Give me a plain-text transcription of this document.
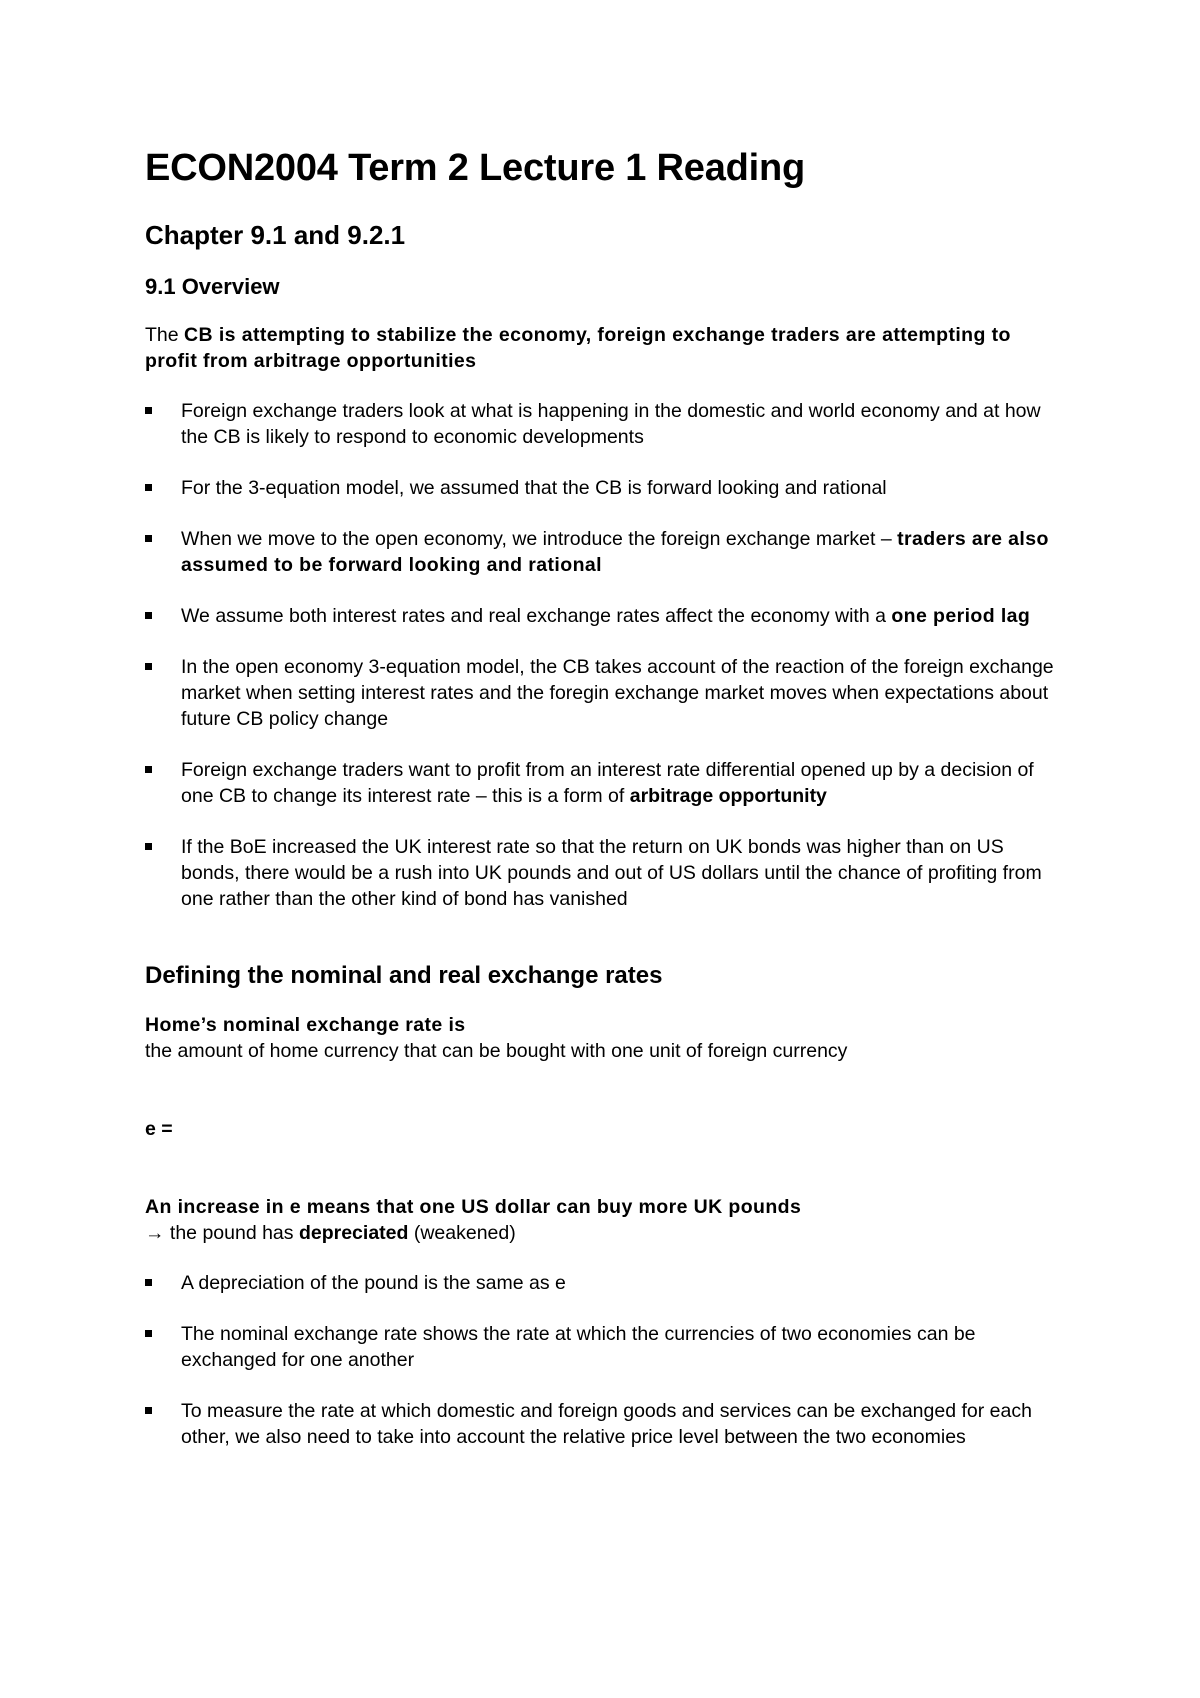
ECON2004 Term 2 Lecture 1 Reading
Chapter 9.1 and 9.2.1
9.1 Overview

The CB is attempting to stabilize the economy, foreign exchange traders are attempting to profit from arbitrage opportunities

Foreign exchange traders look at what is happening in the domestic and world economy and at how the CB is likely to respond to economic developments
For the 3-equation model, we assumed that the CB is forward looking and rational
When we move to the open economy, we introduce the foreign exchange market – traders are also assumed to be forward looking and rational
We assume both interest rates and real exchange rates affect the economy with a one period lag
In the open economy 3-equation model, the CB takes account of the reaction of the foreign exchange market when setting interest rates and the foregin exchange market moves when expectations about future CB policy change
Foreign exchange traders want to profit from an interest rate differential opened up by a decision of one CB to change its interest rate – this is a form of arbitrage opportunity
If the BoE increased the UK interest rate so that the return on UK bonds was higher than on US bonds, there would be a rush into UK pounds and out of US dollars until the chance of profiting from one rather than the other kind of bond has vanished
Defining the nominal and real exchange rates

Home’s nominal exchange rate is

the amount of home currency that can be bought with one unit of foreign currency

e =

An increase in e means that one US dollar can buy more UK pounds

→ the pound has depreciated (weakened)

A depreciation of the pound is the same as e
The nominal exchange rate shows the rate at which the currencies of two economies can be exchanged for one another
To measure the rate at which domestic and foreign goods and services can be exchanged for each other, we also need to take into account the relative price level between the two economies
